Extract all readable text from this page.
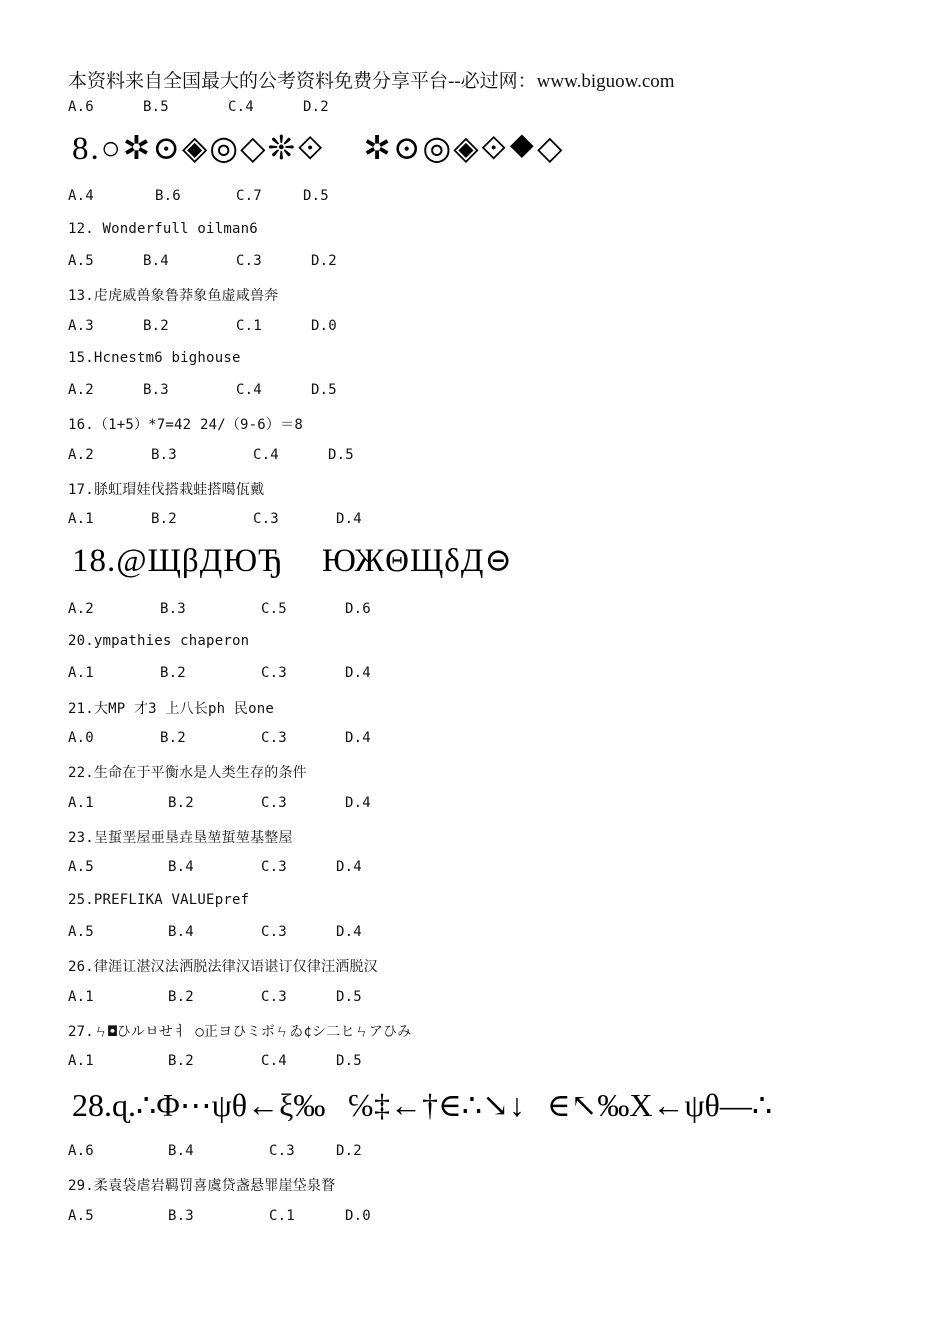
本资料来自全国最大的公考资料免费分享平台--必过网：www.biguow.com
A.6	B.5	C.4	D.2
8.○✲⊙◈◎◇❊⟐ ✲⊙◎◈⟐⯁◇
A.4	B.6	C.7	D.5
12. Wonderfull oilman6
A.5	B.4	C.3	D.2
13.虍虎威兽象鲁莽象鱼虚咸兽奔
A.3	B.2	C.1	D.0
15.Hcnestm6 bighouse
A.2	B.3	C.4	D.5
16.（1+5）*7=42 24/（9-6）＝8
A.2	B.3	C.4	D.5
17.脎虹瑁娃伐搭栽蛙搭噶佤戴
A.1	B.2	C.3	D.4
18.@ЩβДЮЂ ЮЖΘЩδД⊝
A.2	B.3	C.5	D.6
20.ympathies chaperon
A.1	B.2	C.3	D.4
21.大MP 才3 上八长ph 民one
A.0	B.2	C.3	D.4
22.生命在于平衡水是人类生存的条件
A.1	B.2	C.3	D.4
23.呈蜇垩屋亜垦垚垦堃蜇堃基整屋
A.5	B.4	C.3	D.4
25.PREFLIKA VALUEpref
A.5	B.4	C.3	D.4
26.律涯讧湛汉法洒脱法律汉语谌订仅律汪洒脱汉
A.1	B.2	C.3	D.5
27.ㄣ◘ひルㅂせㅕ ○正ヨひミボㄣゐ¢シ二ヒㄣアひみ
A.1	B.2	C.4	D.5
28.ɋ.∴Φ⋯ψθ←ξ‰ ℅‡←†∈∴↘↓ ∈↖‰X←ψθ—∴
A.6	B.4	C.3	D.2
29.柔袁袋虐岩羁罚喜虞贷盏悬罪崖垈泉瞀
A.5	B.3	C.1	D.0
